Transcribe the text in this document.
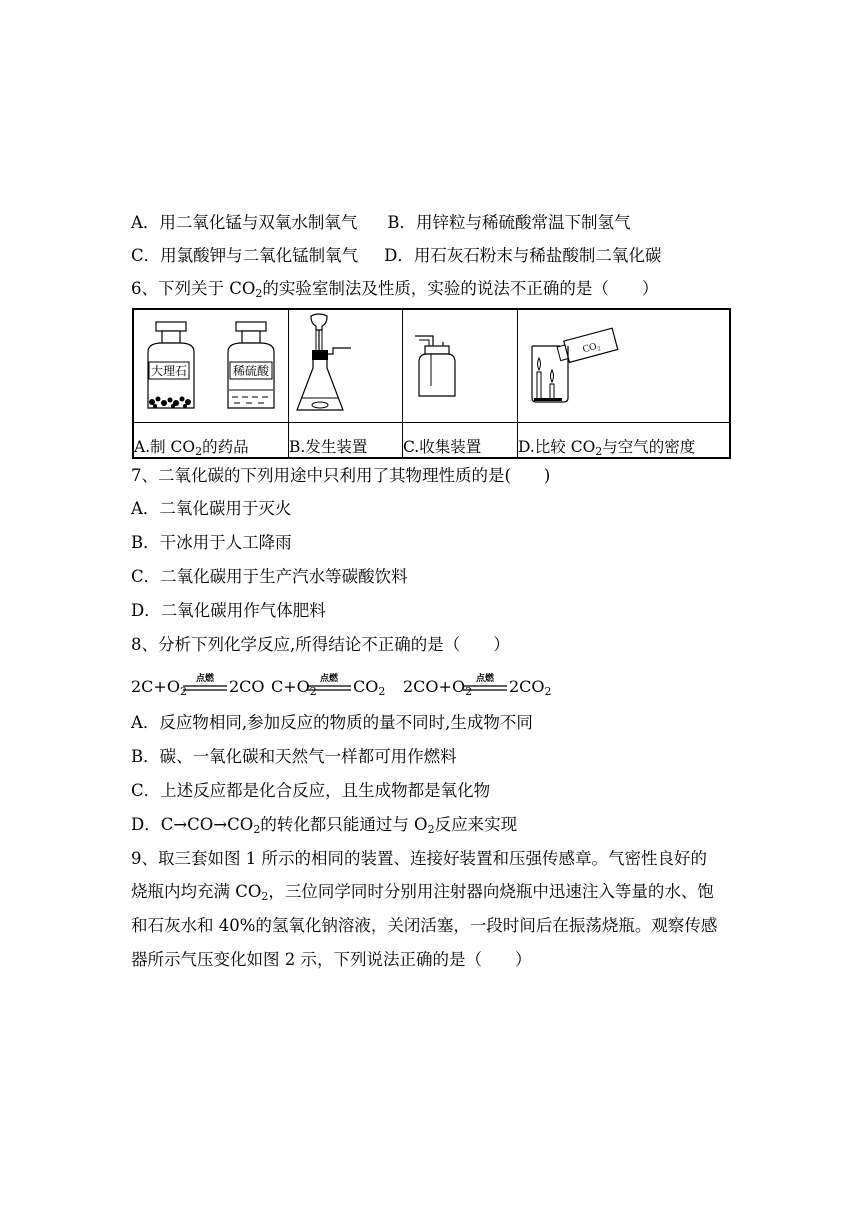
A．用二氧化锰与双氧水制氧气 B．用锌粒与稀硫酸常温下制氢气
C．用氯酸钾与二氧化锰制氧气 D．用石灰石粉末与稀盐酸制二氧化碳
6、下列关于 $CO_2$的实验室制法及性质，实验的说法不正确的是（　　）
大理石 稀硫酸			CO₂

A.制 $CO_2$的药品	B.发生装置	C.收集装置	D.比较 $CO_2$与空气的密度
7、二氧化碳的下列用途中只利用了其物理性质的是(　　)
A．二氧化碳用于灭火
B．干冰用于人工降雨
C．二氧化碳用于生产汽水等碳酸饮料
D．二氧化碳用作气体肥料
8、分析下列化学反应,所得结论不正确的是（　　）
$2C+O_2$
点燃 2CO $C+O_2$
点燃 $CO_2$ $2CO+O_2$
点燃 $2CO_2$
A．反应物相同,参加反应的物质的量不同时,生成物不同
B．碳、一氧化碳和天然气一样都可用作燃料
C．上述反应都是化合反应，且生成物都是氧化物
D．$C\to CO\to CO_2$的转化都只能通过与 $O_2$反应来实现
9、取三套如图 1 所示的相同的装置、连接好装置和压强传感章。气密性良好的
烧瓶内均充满 $CO_2$，三位同学同时分别用注射器向烧瓶中迅速注入等量的水、饱
和石灰水和 40%的氢氧化钠溶液，关闭活塞，一段时间后在振荡烧瓶。观察传感
器所示气压变化如图 2 示，下列说法正确的是（　　）
